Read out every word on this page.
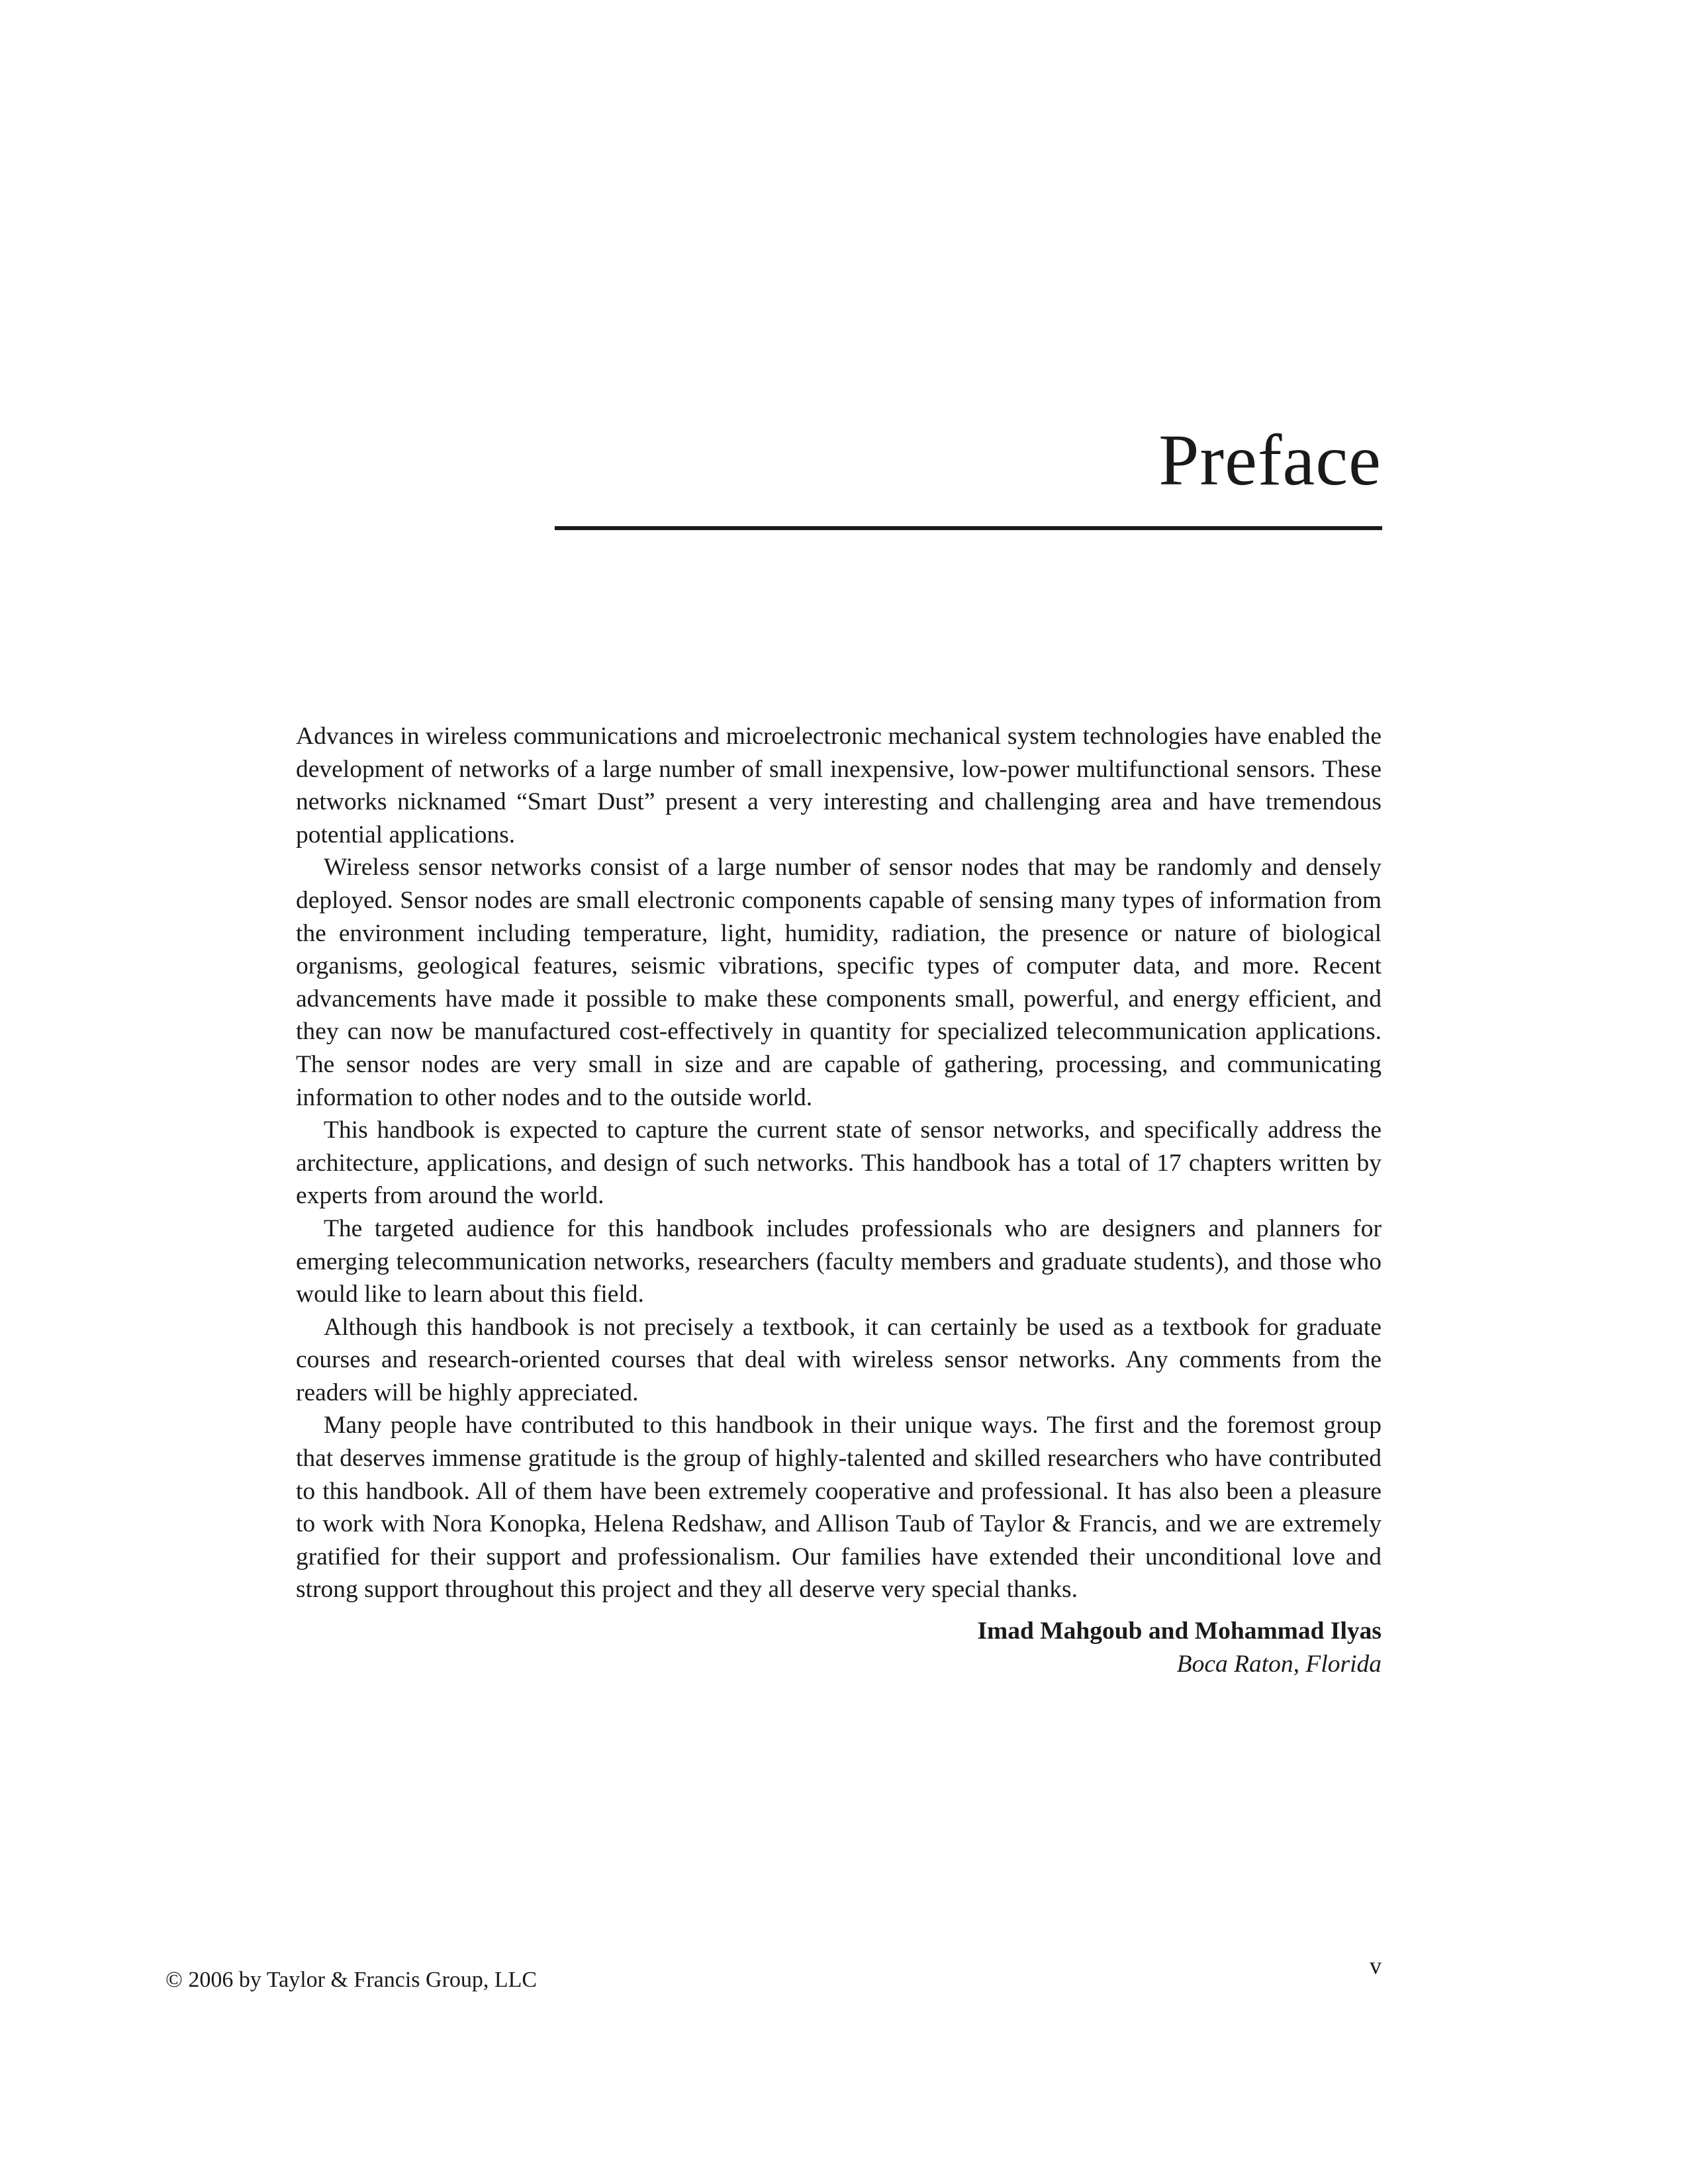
Preface

Advances in wireless communications and microelectronic mechanical system technologies have enabled the development of networks of a large number of small inexpensive, low-power multifunctional sensors. These networks nicknamed “Smart Dust” present a very interesting and challenging area and have tremendous potential applications.

Wireless sensor networks consist of a large number of sensor nodes that may be randomly and densely deployed. Sensor nodes are small electronic components capable of sensing many types of information from the environment including temperature, light, humidity, radiation, the presence or nature of biological organisms, geological features, seismic vibrations, specific types of computer data, and more. Recent advancements have made it possible to make these components small, powerful, and energy efficient, and they can now be manufactured cost-effectively in quantity for specialized telecommunication applications. The sensor nodes are very small in size and are capable of gathering, processing, and communicating information to other nodes and to the outside world.

This handbook is expected to capture the current state of sensor networks, and specifically address the architecture, applications, and design of such networks. This handbook has a total of 17 chapters written by experts from around the world.

The targeted audience for this handbook includes professionals who are designers and planners for emerging telecommunication networks, researchers (faculty members and graduate students), and those who would like to learn about this field.

Although this handbook is not precisely a textbook, it can certainly be used as a textbook for graduate courses and research-oriented courses that deal with wireless sensor networks. Any comments from the readers will be highly appreciated.

Many people have contributed to this handbook in their unique ways. The first and the foremost group that deserves immense gratitude is the group of highly-talented and skilled researchers who have contributed to this handbook. All of them have been extremely cooperative and professional. It has also been a pleasure to work with Nora Konopka, Helena Redshaw, and Allison Taub of Taylor & Francis, and we are extremely gratified for their support and professionalism. Our families have extended their unconditional love and strong support throughout this project and they all deserve very special thanks.

Imad Mahgoub and Mohammad Ilyas
Boca Raton, Florida
© 2006 by Taylor & Francis Group, LLC
v
